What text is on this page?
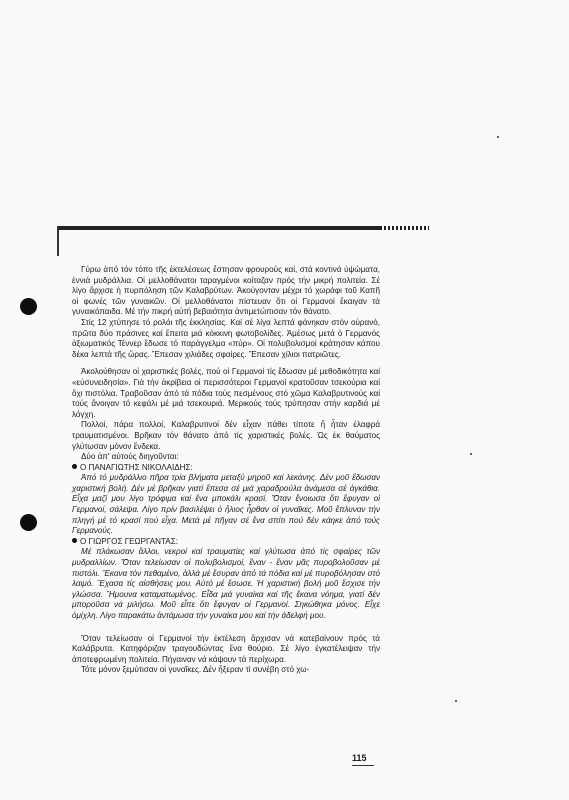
Γύρω ἀπό τόν τόπο τῆς ἐκτελέσεως ἔστησαν φρουρούς καί, στά κοντινά ὑψώματα, ἐννιά μυδράλλια. Οἱ μελλοθάνατοι ταραγμένοι κοίταζαν πρός τήν μικρή πολιτεία. Σέ λίγο ἄρχισε ἡ πυρπόληση τῶν Καλαβρύτων. Ἀκούγονταν μέχρι τό χωράφι τοῦ Καπῆ οἱ φωνές τῶν γυναικῶν. Οἱ μελλοθάνατοι πίστευαν ὅτι οἱ Γερμανοί ἔκαιγαν τά γυναικόπαιδα. Μέ τήν πικρή αὐτή βεβαιότητα ἀντιμετώπισαν τόν θάνατο.

Στίς 12 χτύπησε τό ρολόι τῆς ἐκκλησίας. Καί σέ λίγα λεπτά φάνηκαν στόν οὐρανό, πρῶτα δύο πράσινες καί ἔπειτα μιά κόκκινη φωτοβολίδες. Ἀμέσως μετά ὁ Γερμανός ἀξιωματικός Τέννερ ἔδωσε τό παράγγελμα «πύρ». Οἱ πολυβολισμοί κράτησαν κάπου δέκα λεπτά τῆς ὥρας. Ἔπεσαν χιλιάδες σφαίρες. Ἔπεσαν χίλιοι πατριῶτες.

Ἀκολούθησαν οἱ χαριστικές βολές, πού οἱ Γερμανοί τίς ἔδωσαν μέ μεθοδικότητα καί «εὐσυνειδησία». Γιά τήν ἀκρίβεια οἱ περισσότεροι Γερμανοί κρατοῦσαν τσεκούρια καί ὄχι πιστόλια. Τραβοῦσαν ἀπό τά πόδια τούς πεσμένους στό χῶμα Καλαβρυτινούς καί τούς ἄνοιγαν τό κεφάλι μέ μιά τσεκουριά. Μερικούς τούς τρύπησαν στήν καρδιά μέ λόγχη.

Πολλοί, πάρα πολλοί, Καλαβρυτινοί δέν εἶχαν πάθει τίποτε ἤ ἦταν ἐλαφρά τραυματισμένοι. Βρῆκαν τόν θάνατο ἀπό τίς χαριστικές βολές. Ὡς ἐκ θαύματος γλύτωσαν μόνον ἕνδεκα.

Δύο ἀπ' αὐτούς διηγοῦνται:

Ο ΠΑΝΑΓΙΩΤΗΣ ΝΙΚΟΛΑΙΔΗΣ:

Ἀπό τό μυδράλλιο πῆρα τρία βλήματα μεταξύ μηροῦ καί λεκάνης. Δέν μοῦ ἔδωσαν χαριστική βολή. Δέν μέ βρῆκαν γιατί ἔπεσα σέ μιά χαραδρούλα ἀνάμεσα σέ ἀγκάθια. Εἶχα μαζί μου λίγο τρόφιμα καί ἕνα μποκάλι κρασί. Ὅταν ἔνοιωσα ὅτι ἔφυγαν οἱ Γερμανοί, σάλεψα. Λίγο πρίν βασιλέψει ὁ ἥλιος ἦρθαν οἱ γυναῖκες. Μοῦ ἔπλυναν τήν πληγή μέ τό κρασί πού εἶχα. Μετά μέ πῆγαν σέ ἕνα σπίτι πού δέν κάηκε ἀπό τούς Γερμανούς.

Ο ΓΙΩΡΓΟΣ ΓΕΩΡΓΑΝΤΑΣ:

Μέ πλάκωσαν ἄλλοι, νεκροί καί τραυματίες καί γλύτωσα ἀπό τίς σφαίρες τῶν μυδραλλίων. Ὅταν τελείωσαν οἱ πολυβολισμοί, ἕναν - ἕναν μᾶς πυροβολοῦσαν μέ πιστόλι. Ἔκανα τόν πεθαμένο, ἀλλά μέ ἔσυραν ἀπό τά πόδια καί μέ πυροβόλησαν στό λαιμό. Ἔχασα τίς αἰσθήσεις μου. Αὐτό μέ ἔσωσε. Ἡ χαριστική βολή μοῦ ἔσχισε τήν γλώσσα. Ἤμουνα καταματωμένος. Εἶδα μιά γυναίκα καί τῆς ἔκανα νόημα, γιατί δέν μποροῦσα νά μιλήσω. Μοῦ εἶπε ὅτι ἔφυγαν οἱ Γερμανοί. Σηκώθηκα μόνος. Εἶχε ὀμίχλη. Λίγο παρακάτω ἀντάμωσα τήν γυναίκα μου καί τήν ἀδελφή μου.

Ὅταν τελείωσαν οἱ Γερμανοί τήν ἐκτέλεση ἄρχισαν νά κατεβαίνουν πρός τά Καλάβρυτα. Κατηφόριζαν τραγουδώντας ἕνα θούριο. Σέ λίγο ἐγκατέλειψαν τήν ἀποτεφρωμένη πολιτεία. Πήγαιναν νά κάψουν τά περίχωρα.

Τότε μόνον ξεμύτισαν οἱ γυναῖκες. Δέν ἤξεραν τί συνέβη στό χω-

115
